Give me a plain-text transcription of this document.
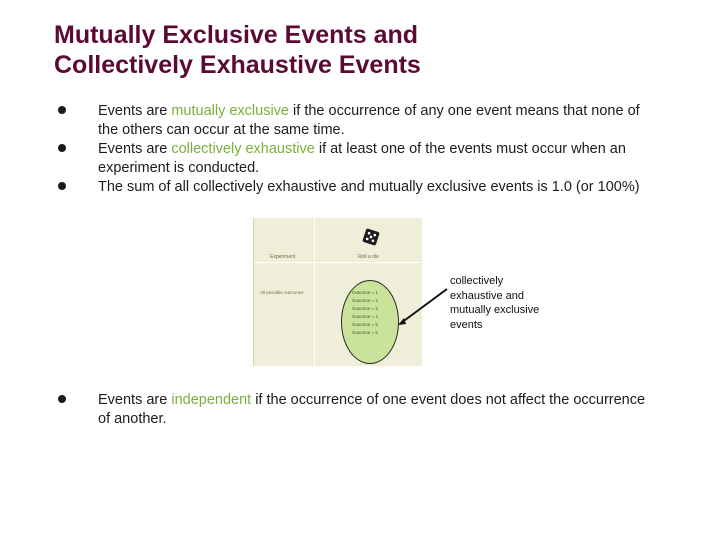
Mutually Exclusive Events and
Collectively Exhaustive Events
Events are mutually exclusive if the occurrence of any one event means that none of the others can occur at the same time.
Events are collectively exhaustive if at least one of the events must occur when an experiment is conducted.
The sum of all collectively exhaustive and mutually exclusive events is 1.0 (or 100%)
Experiment	Roll a die
All possible outcomes	Outcome = 1
Outcome = 2
Outcome = 3
Outcome = 4
Outcome = 5
Outcome = 6
collectively
exhaustive and
mutually exclusive
events
Events are independent if the occurrence of one event does not affect the occurrence of another.
